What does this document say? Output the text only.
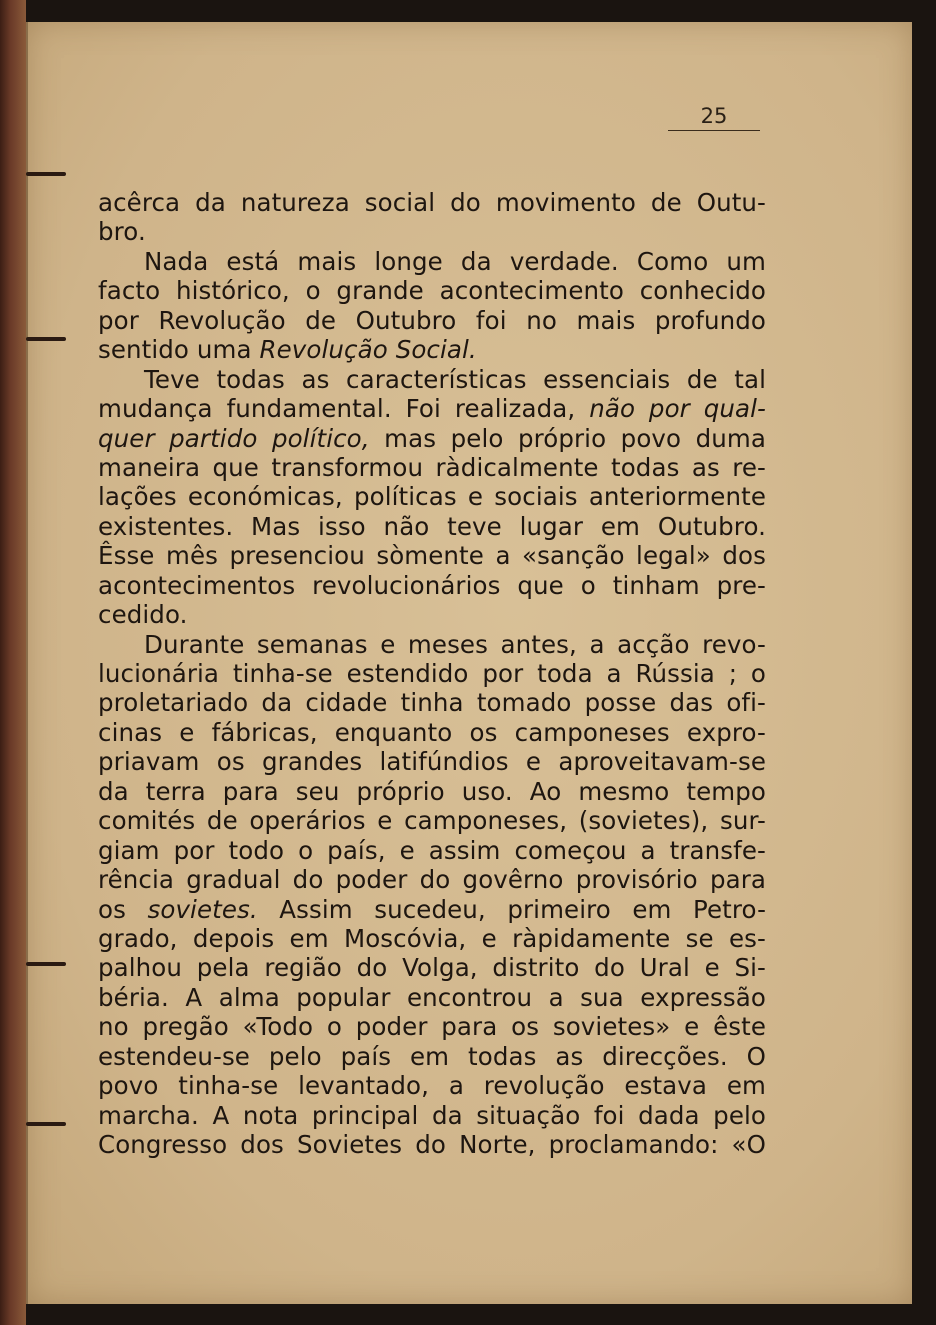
25
acêrca da natureza social do movimento de Outu-
bro.
Nada está mais longe da verdade. Como um
facto histórico, o grande acontecimento conhecido
por Revolução de Outubro foi no mais profundo
sentido uma Revolução Social.
Teve todas as características essenciais de tal
mudança fundamental. Foi realizada, não por qual-
quer partido político, mas pelo próprio povo duma
maneira que transformou ràdicalmente todas as re-
lações económicas, políticas e sociais anteriormente
existentes. Mas isso não teve lugar em Outubro.
Êsse mês presenciou sòmente a «sanção legal» dos
acontecimentos revolucionários que o tinham pre-
cedido.
Durante semanas e meses antes, a acção revo-
lucionária tinha-se estendido por toda a Rússia ; o
proletariado da cidade tinha tomado posse das ofi-
cinas e fábricas, enquanto os camponeses expro-
priavam os grandes latifúndios e aproveitavam-se
da terra para seu próprio uso. Ao mesmo tempo
comités de operários e camponeses, (sovietes), sur-
giam por todo o país, e assim começou a transfe-
rência gradual do poder do govêrno provisório para
os sovietes. Assim sucedeu, primeiro em Petro-
grado, depois em Moscóvia, e ràpidamente se es-
palhou pela região do Volga, distrito do Ural e Si-
béria. A alma popular encontrou a sua expressão
no pregão «Todo o poder para os sovietes» e êste
estendeu-se pelo país em todas as direcções. O
povo tinha-se levantado, a revolução estava em
marcha. A nota principal da situação foi dada pelo
Congresso dos Sovietes do Norte, proclamando: «O
